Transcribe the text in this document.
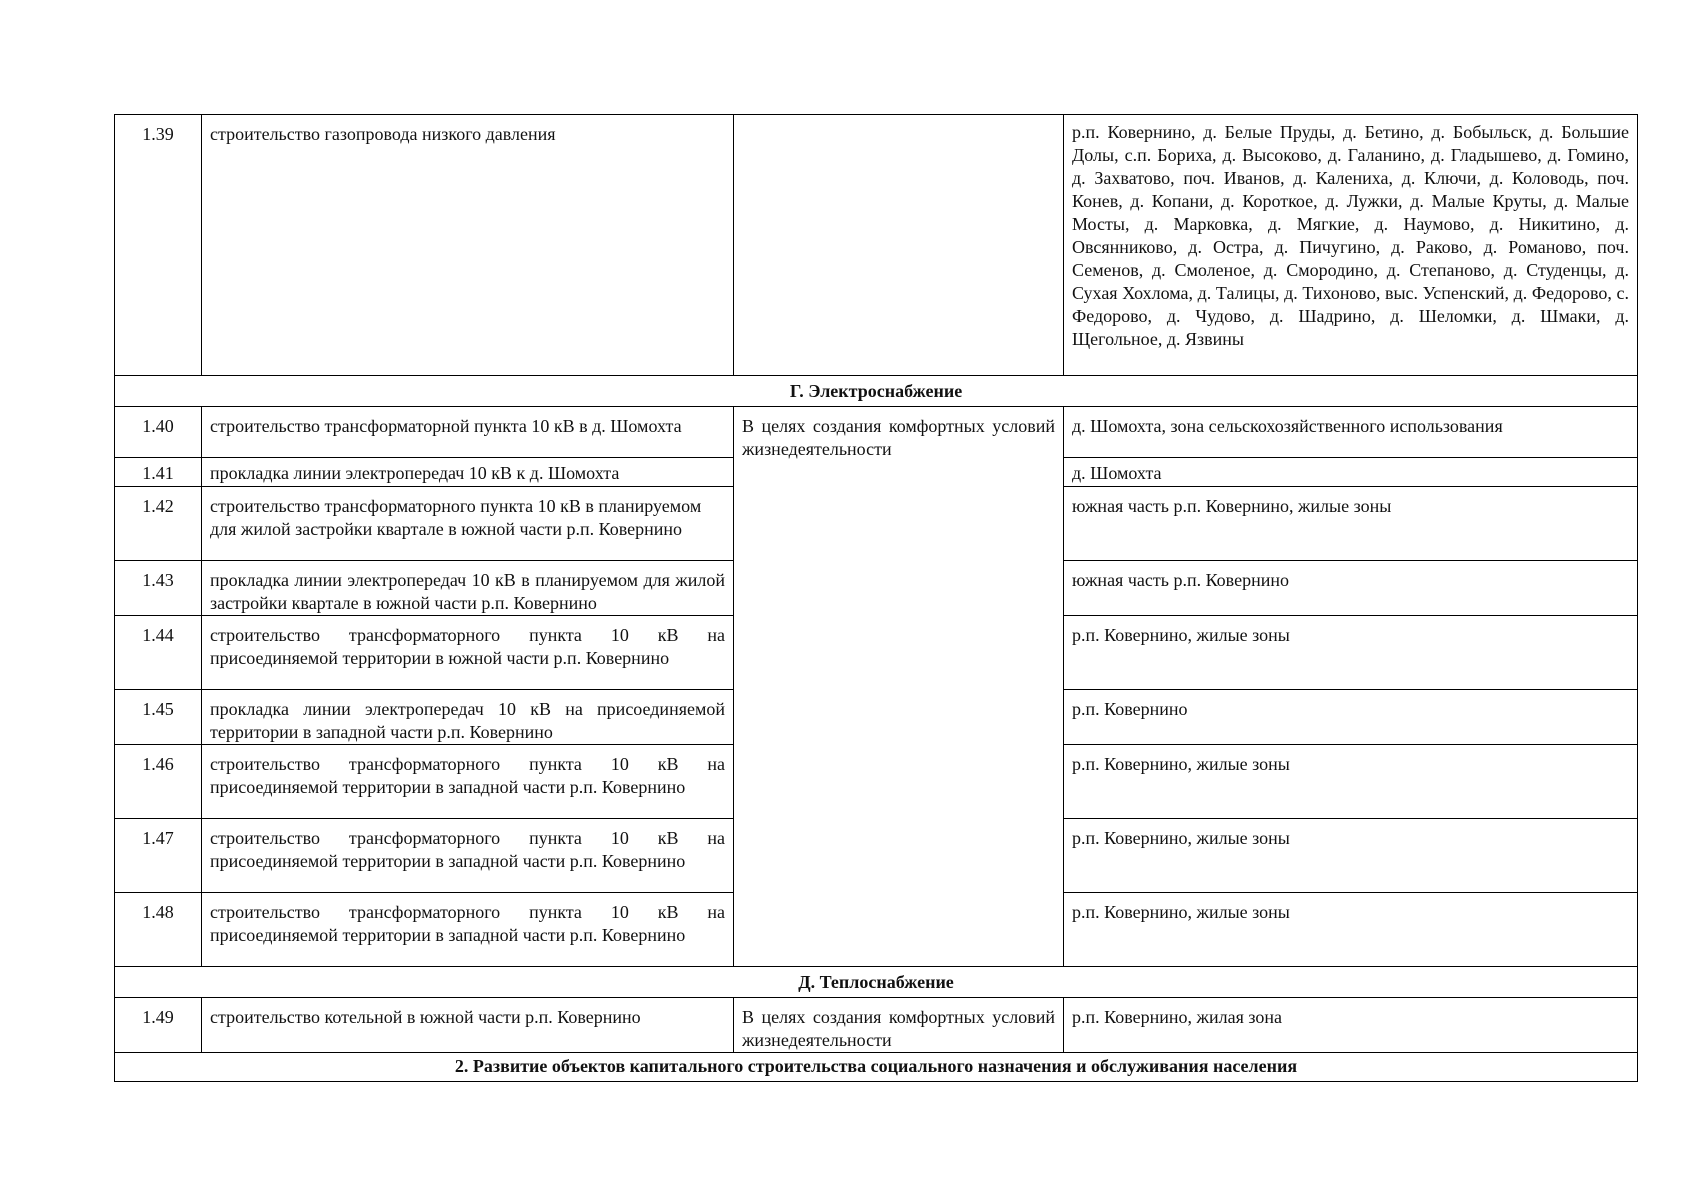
1.39	строительство газопровода низкого давления		р.п. Ковернино, д. Белые Пруды, д. Бетино, д. Бобыльск, д. Большие Долы, с.п. Бориха, д. Высоково, д. Галанино, д. Гладышево, д. Гомино, д. Захватово, поч. Иванов, д. Калениха, д. Ключи, д. Коловодь, поч. Конев, д. Копани, д. Короткое, д. Лужки, д. Малые Круты, д. Малые Мосты, д. Марковка, д. Мягкие, д. Наумово, д. Никитино, д. Овсянниково, д. Острa, д. Пичугино, д. Раково, д. Романово, поч. Семенов, д. Смоленое, д. Смородино, д. Степаново, д. Студенцы, д. Сухая Хохлома, д. Талицы, д. Тихоново, выс. Успенский, д. Федорово, с. Федорово, д. Чудово, д. Шадрино, д. Шеломки, д. Шмаки, д. Щегольное, д. Язвины
Г. Электроснабжение			
1.40	строительство трансформаторной пункта 10 кВ в д. Шомохта	В целях создания комфортных условий жизнедеятельности	д. Шомохта, зона сельскохозяйственного использования
1.41	прокладка линии электропередач 10 кВ к д. Шомохта		д. Шомохта
1.42	строительство трансформаторного пункта 10 кВ в планируемом для жилой застройки квартале в южной части р.п. Ковернино		южная часть р.п. Ковернино, жилые зоны
1.43	прокладка линии электропередач 10 кВ в планируемом для жилой застройки квартале в южной части р.п. Ковернино		южная часть р.п. Ковернино
1.44	строительство трансформаторного пункта 10 кВ на присоединяемой территории в южной части р.п. Ковернино		р.п. Ковернино, жилые зоны
1.45	прокладка линии электропередач 10 кВ на присоединяемой территории в западной части р.п. Ковернино		р.п. Ковернино
1.46	строительство трансформаторного пункта 10 кВ на присоединяемой территории в западной части р.п. Ковернино		р.п. Ковернино, жилые зоны
1.47	строительство трансформаторного пункта 10 кВ на присоединяемой территории в западной части р.п. Ковернино		р.п. Ковернино, жилые зоны
1.48	строительство трансформаторного пункта 10 кВ на присоединяемой территории в западной части р.п. Ковернино		р.п. Ковернино, жилые зоны
Д. Теплоснабжение			
1.49	строительство котельной в южной части р.п. Ковернино	В целях создания комфортных условий жизнедеятельности	р.п. Ковернино, жилая зона
2. Развитие объектов капитального строительства социального назначения и обслуживания населения			
